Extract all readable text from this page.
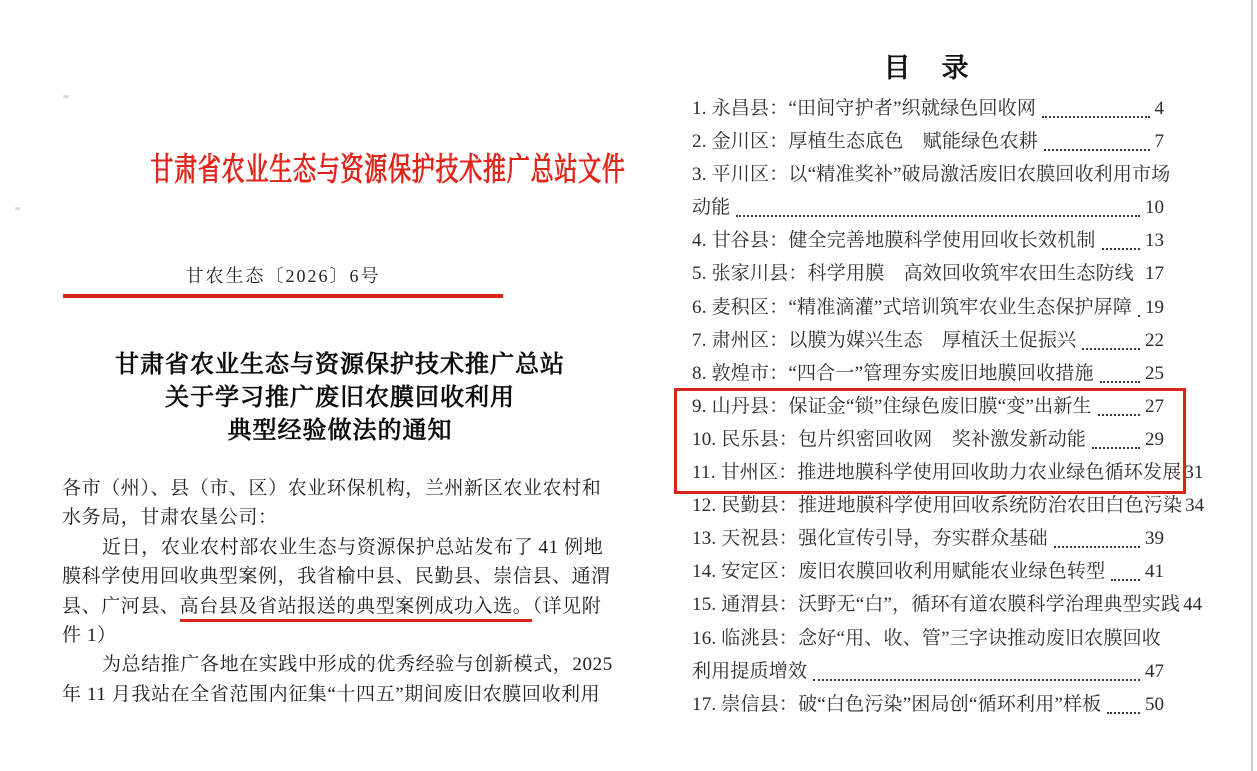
甘肃省农业生态与资源保护技术推广总站文件
甘农生态〔2026〕6号
甘肃省农业生态与资源保护技术推广总站
关于学习推广废旧农膜回收利用
典型经验做法的通知
各市（州）、县（市、区）农业环保机构，兰州新区农业农村和
水务局，甘肃农垦公司：
近日，农业农村部农业生态与资源保护总站发布了 41 例地
膜科学使用回收典型案例，我省榆中县、民勤县、崇信县、通渭
县、广河县、高台县及省站报送的典型案例成功入选。（详见附
件 1）
为总结推广各地在实践中形成的优秀经验与创新模式，2025
年 11 月我站在全省范围内征集“十四五”期间废旧农膜回收利用
目　录
1. 永昌县：“田间守护者”织就绿色回收网	4
2. 金川区：厚植生态底色　赋能绿色农耕	7
3. 平川区：以“精准奖补”破局激活废旧农膜回收利用市场
动能	10
4. 甘谷县：健全完善地膜科学使用回收长效机制	13
5. 张家川县：科学用膜　高效回收筑牢农田生态防线 17
6. 麦积区：“精准滴灌”式培训筑牢农业生态保护屏障 19
7. 肃州区：以膜为媒兴生态　厚植沃土促振兴	22
8. 敦煌市：“四合一”管理夯实废旧地膜回收措施	25
9. 山丹县：保证金“锁”住绿色废旧膜“变”出新生	27
10. 民乐县：包片织密回收网　奖补激发新动能	29
11. 甘州区：推进地膜科学使用回收助力农业绿色循环发展 31
12. 民勤县：推进地膜科学使用回收系统防治农田白色污染 34
13. 天祝县：强化宣传引导，夯实群众基础	39
14. 安定区：废旧农膜回收利用赋能农业绿色转型 41
15. 通渭县：沃野无“白”，循环有道农膜科学治理典型实践 44
16. 临洮县：念好“用、收、管”三字诀推动废旧农膜回收
利用提质增效	47
17. 崇信县：破“白色污染”困局创“循环利用”样板 50
